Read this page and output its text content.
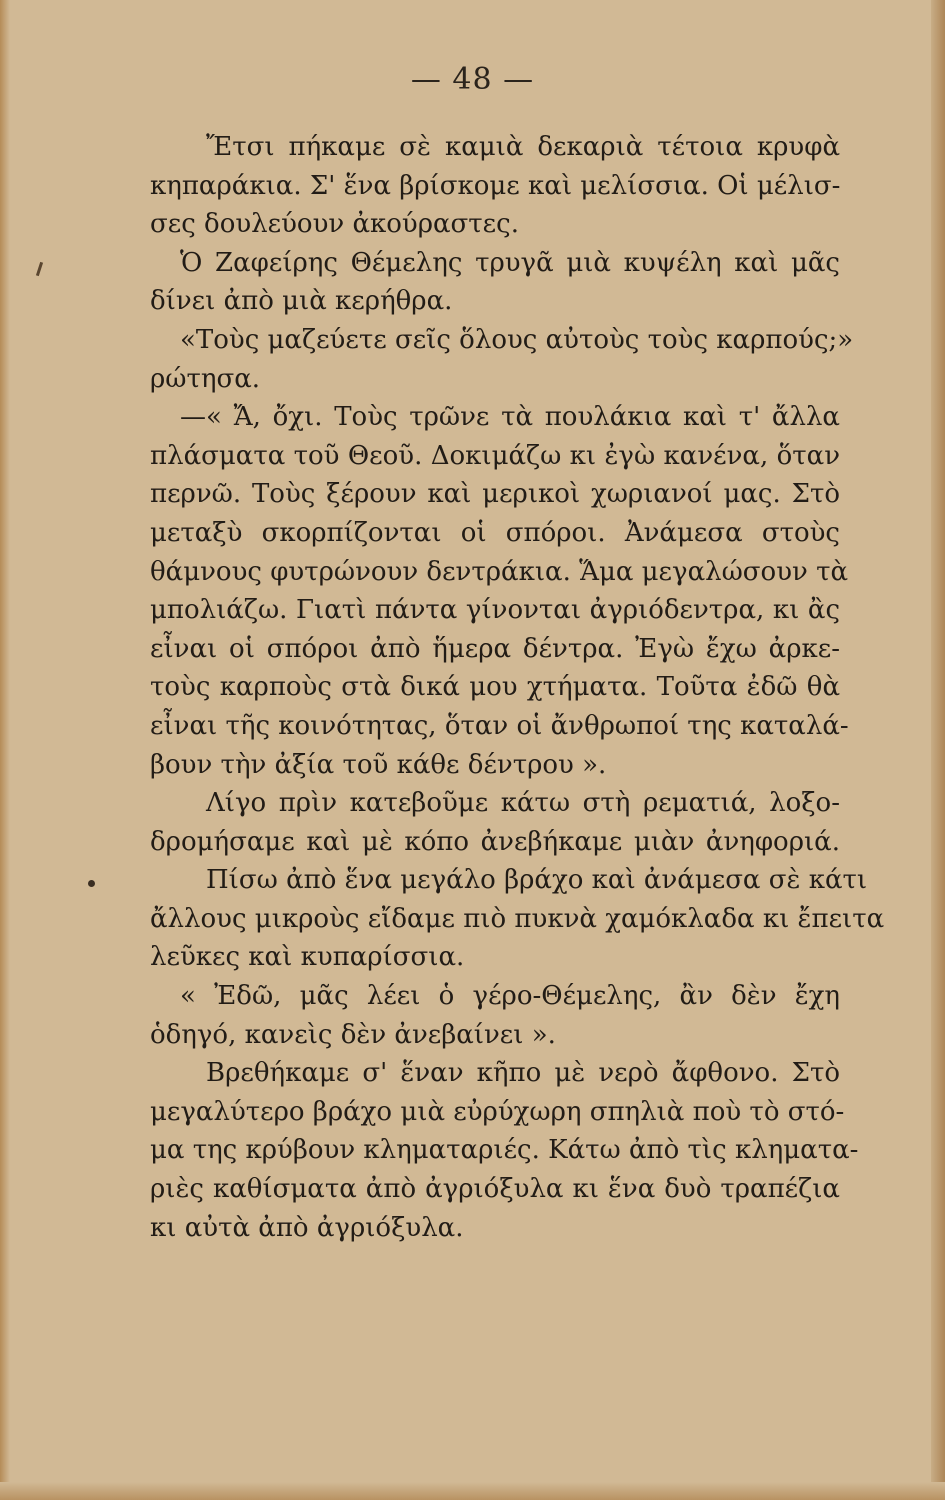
— 48 —
Ἔτσι πήκαμε σὲ καμιὰ δεκαριὰ τέτοια κρυφὰ
κηπαράκια. Σ' ἕνα βρίσκομε καὶ μελίσσια. Οἱ μέλισ-
σες δουλεύουν ἀκούραστες.
Ὁ Ζαφείρης Θέμελης τρυγᾶ μιὰ κυψέλη καὶ μᾶς
δίνει ἀπὸ μιὰ κερήθρα.
«Τοὺς μαζεύετε σεῖς ὅλους αὐτοὺς τοὺς καρπούς;»
ρώτησα.
—« Ἄ, ὄχι. Τοὺς τρῶνε τὰ πουλάκια καὶ τ' ἄλλα
πλάσματα τοῦ Θεοῦ. Δοκιμάζω κι ἐγὼ κανένα, ὅταν
περνῶ. Τοὺς ξέρουν καὶ μερικοὶ χωριανοί μας. Στὸ
μεταξὺ σκορπίζονται οἱ σπόροι. Ἀνάμεσα στοὺς
θάμνους φυτρώνουν δεντράκια. Ἅμα μεγαλώσουν τὰ
μπολιάζω. Γιατὶ πάντα γίνονται ἀγριόδεντρα, κι ἂς
εἶναι οἱ σπόροι ἀπὸ ἥμερα δέντρα. Ἐγὼ ἔχω ἀρκε-
τοὺς καρποὺς στὰ δικά μου χτήματα. Τοῦτα ἐδῶ θὰ
εἶναι τῆς κοινότητας, ὅταν οἱ ἄνθρωποί της καταλά-
βουν τὴν ἀξία τοῦ κάθε δέντρου ».
Λίγο πρὶν κατεβοῦμε κάτω στὴ ρεματιά, λοξο-
δρομήσαμε καὶ μὲ κόπο ἀνεβήκαμε μιὰν ἀνηφοριά.
Πίσω ἀπὸ ἕνα μεγάλο βράχο καὶ ἀνάμεσα σὲ κάτι
ἄλλους μικροὺς εἴδαμε πιὸ πυκνὰ χαμόκλαδα κι ἔπειτα
λεῦκες καὶ κυπαρίσσια.
« Ἐδῶ, μᾶς λέει ὁ γέρο-Θέμελης, ἂν δὲν ἔχη
ὁδηγό, κανεὶς δὲν ἀνεβαίνει ».
Βρεθήκαμε σ' ἕναν κῆπο μὲ νερὸ ἄφθονο. Στὸ
μεγαλύτερο βράχο μιὰ εὐρύχωρη σπηλιὰ ποὺ τὸ στό-
μα της κρύβουν κληματαριές. Κάτω ἀπὸ τὶς κληματα-
ριὲς καθίσματα ἀπὸ ἀγριόξυλα κι ἕνα δυὸ τραπέζια
κι αὐτὰ ἀπὸ ἀγριόξυλα.
